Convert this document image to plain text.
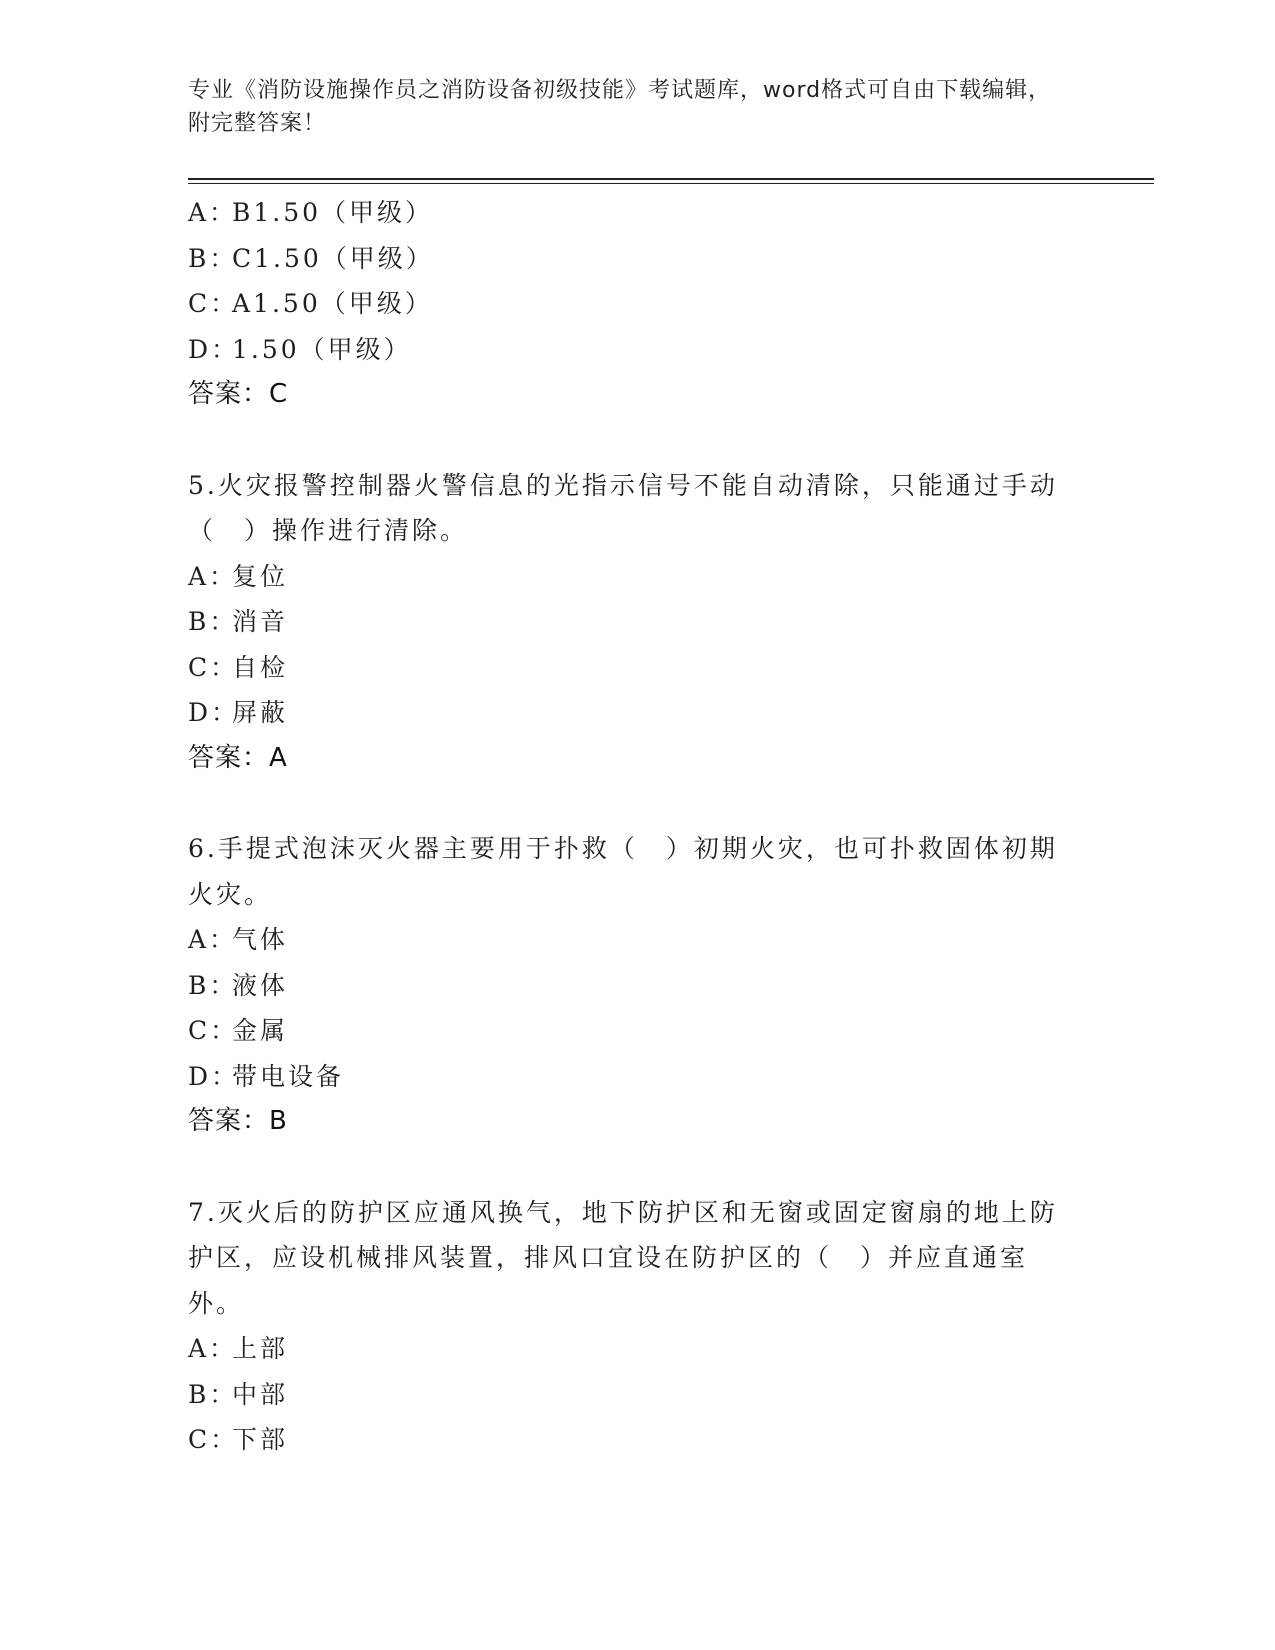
专业《消防设施操作员之消防设备初级技能》考试题库，word格式可自由下载编辑，附完整答案！
A：B1.50（甲级）
B：C1.50（甲级）
C：A1.50（甲级）
D：1.50（甲级）
答案：C
5.火灾报警控制器火警信息的光指示信号不能自动清除，只能通过手动（　）操作进行清除。
A：复位
B：消音
C：自检
D：屏蔽
答案：A
6.手提式泡沫灭火器主要用于扑救（　）初期火灾，也可扑救固体初期火灾。
A：气体
B：液体
C：金属
D：带电设备
答案：B
7.灭火后的防护区应通风换气，地下防护区和无窗或固定窗扇的地上防护区，应设机械排风装置，排风口宜设在防护区的（　）并应直通室外。
A：上部
B：中部
C：下部
